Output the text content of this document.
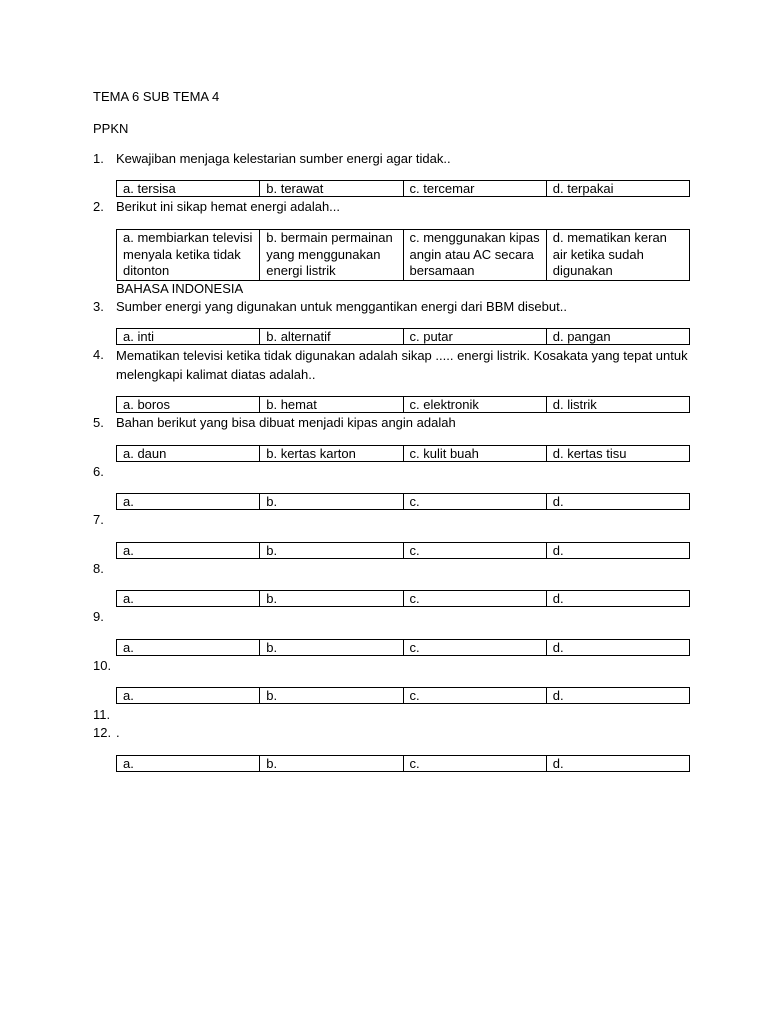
TEMA 6 SUB TEMA 4
PPKN
1. Kewajiban menjaga kelestarian sumber energi agar tidak..
a. tersisa	b. terawat	c. tercemar	d. terpakai
2. Berikut ini sikap hemat energi adalah...
a. membiarkan televisi menyala ketika tidak ditonton	b. bermain permainan yang menggunakan energi listrik	c. menggunakan kipas angin atau AC secara bersamaan	d. mematikan keran air ketika sudah digunakan
BAHASA INDONESIA
3. Sumber energi yang digunakan untuk menggantikan energi dari BBM disebut..
a. inti	b. alternatif	c. putar	d. pangan
4. Mematikan televisi ketika tidak digunakan adalah sikap ..... energi listrik. Kosakata yang tepat untuk melengkapi kalimat diatas adalah..
a. boros	b. hemat	c. elektronik	d. listrik
5. Bahan berikut yang bisa dibuat menjadi kipas angin adalah
a. daun	b. kertas karton	c. kulit buah	d. kertas tisu
6.
a.	b.	c.	d.
7.
a.	b.	c.	d.
8.
a.	b.	c.	d.
9.
a.	b.	c.	d.
10.
a.	b.	c.	d.
11.
12. .
a.	b.	c.	d.
